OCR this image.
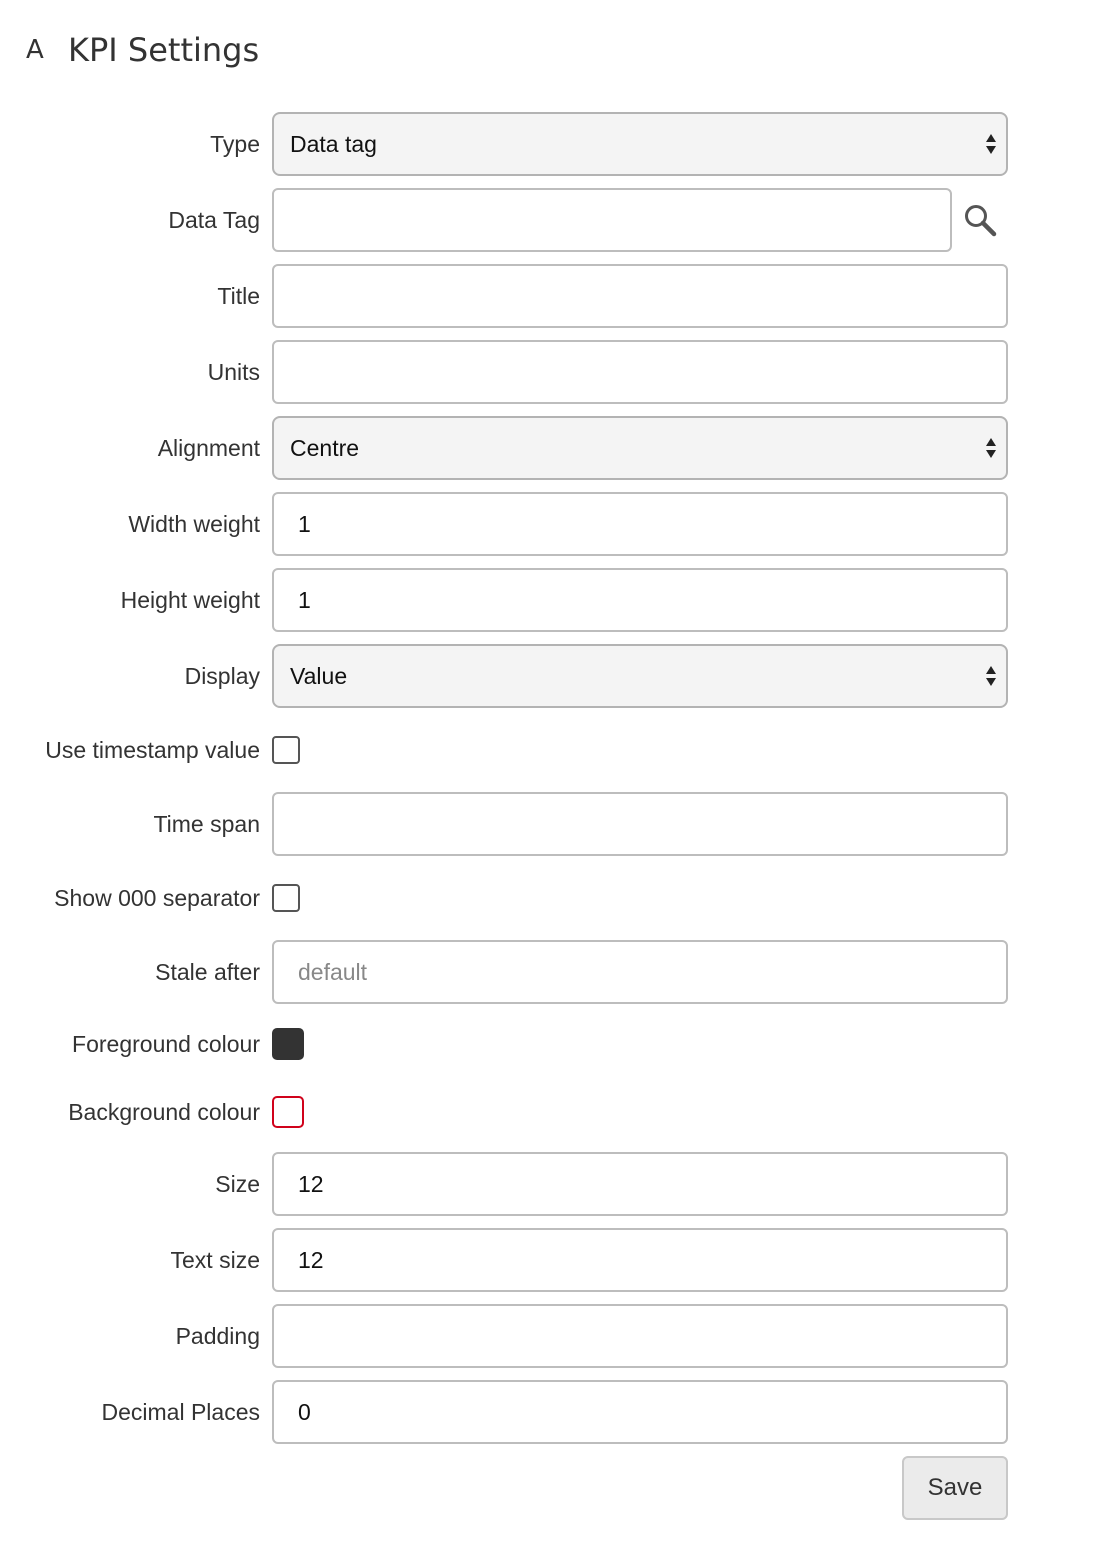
A KPI Settings
Type Data tag
Data Tag
Title
Units
Alignment Centre
Width weight
1
Height weight
1
Display Value
Use timestamp value
Time span
Show 000 separator
Stale after
default
Foreground colour
Background colour
Size
12
Text size
12
Padding
Decimal Places
0
Save
